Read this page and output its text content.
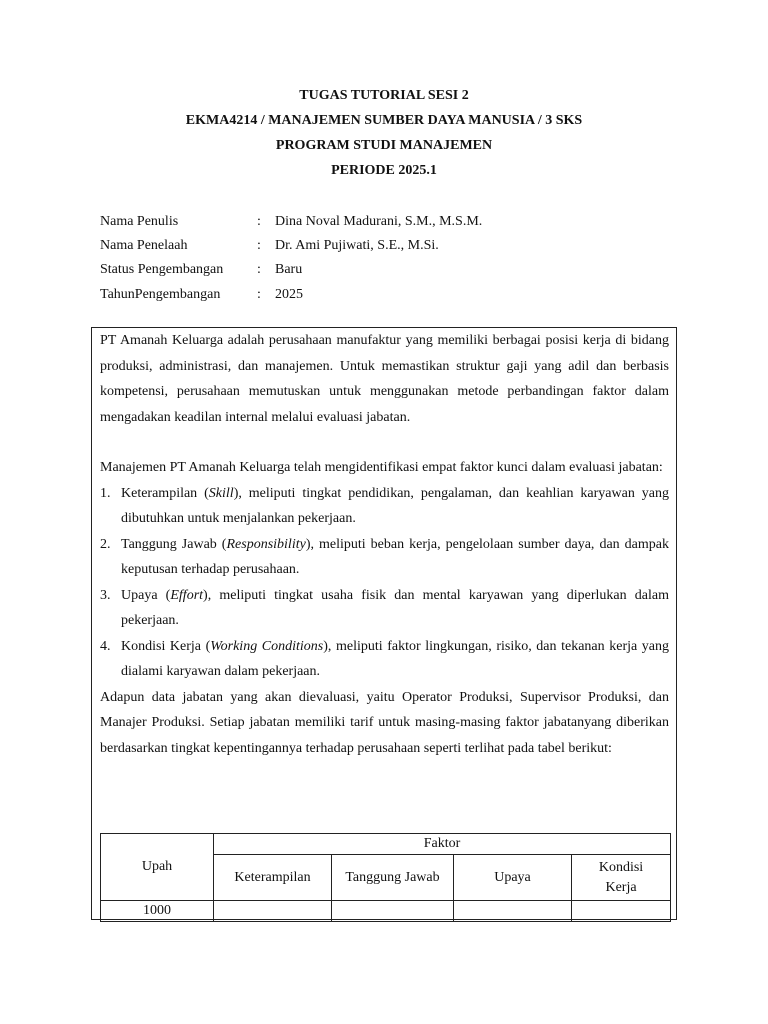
TUGAS TUTORIAL SESI 2
EKMA4214 / MANAJEMEN SUMBER DAYA MANUSIA / 3 SKS
PROGRAM STUDI MANAJEMEN
PERIODE 2025.1
Nama Penulis	: Dina Noval Madurani, S.M., M.S.M.
Nama Penelaah	: Dr. Ami Pujiwati, S.E., M.Si.
Status Pengembangan : Baru
TahunPengembangan	: 2025

PT Amanah Keluarga adalah perusahaan manufaktur yang memiliki berbagai posisi kerja di bidang produksi, administrasi, dan manajemen. Untuk memastikan struktur gaji yang adil dan berbasis kompetensi, perusahaan memutuskan untuk menggunakan metode perbandingan faktor dalam mengadakan keadilan internal melalui evaluasi jabatan.

Manajemen PT Amanah Keluarga telah mengidentifikasi empat faktor kunci dalam evaluasi jabatan:

1. Keterampilan (Skill), meliputi tingkat pendidikan, pengalaman, dan keahlian karyawan yang dibutuhkan untuk menjalankan pekerjaan.
2. Tanggung Jawab (Responsibility), meliputi beban kerja, pengelolaan sumber daya, dan dampak keputusan terhadap perusahaan.
3. Upaya (Effort), meliputi tingkat usaha fisik dan mental karyawan yang diperlukan dalam pekerjaan.
4. Kondisi Kerja (Working Conditions), meliputi faktor lingkungan, risiko, dan tekanan kerja yang dialami karyawan dalam pekerjaan.

Adapun data jabatan yang akan dievaluasi, yaitu Operator Produksi, Supervisor Produksi, dan Manajer Produksi. Setiap jabatan memiliki tarif untuk masing-masing faktor jabatanyang diberikan berdasarkan tingkat kepentingannya terhadap perusahaan seperti terlihat pada tabel berikut:

Upah	Faktor			
	Keterampilan	Tanggung Jawab	Upaya	Kondisi Kerja
1000				
